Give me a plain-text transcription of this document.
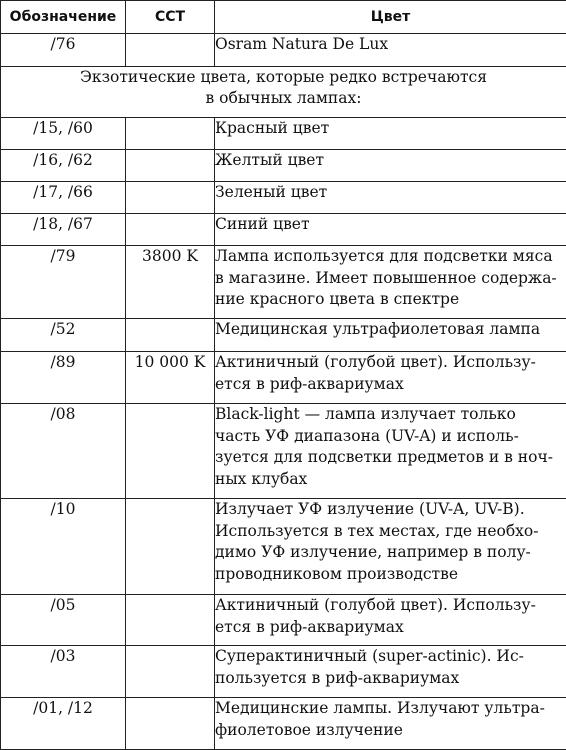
Обозначение	CCT	Цвет
/76		Osram Natura De Lux

Экзотические цвета, которые редко встречаются
в обычных лампах:		

/15, /60		Красный цвет

/16, /62		Желтый цвет

/17, /66		Зеленый цвет

/18, /67		Синий цвет

/79	3800 K	Лампа используется для подсветки мяса
в магазине. Имеет повышенное содержа-
ние красного цвета в спектре

/52		Медицинская ультрафиолетовая лампа

/89	10 000 K	Актиничный (голубой цвет). Использу-
ется в риф-аквариумах

/08		Black-light — лампа излучает только
часть УФ диапазона (UV-A) и исполь-
зуется для подсветки предметов и в ноч-
ных клубах

/10		Излучает УФ излучение (UV-A, UV-B).
Используется в тех местах, где необхо-
димо УФ излучение, например в полу-
проводниковом производстве

/05		Актиничный (голубой цвет). Использу-
ется в риф-аквариумах

/03		Суперактиничный (super-actinic). Ис-
пользуется в риф-аквариумах

/01, /12		Медицинские лампы. Излучают ультра-
фиолетовое излучение
